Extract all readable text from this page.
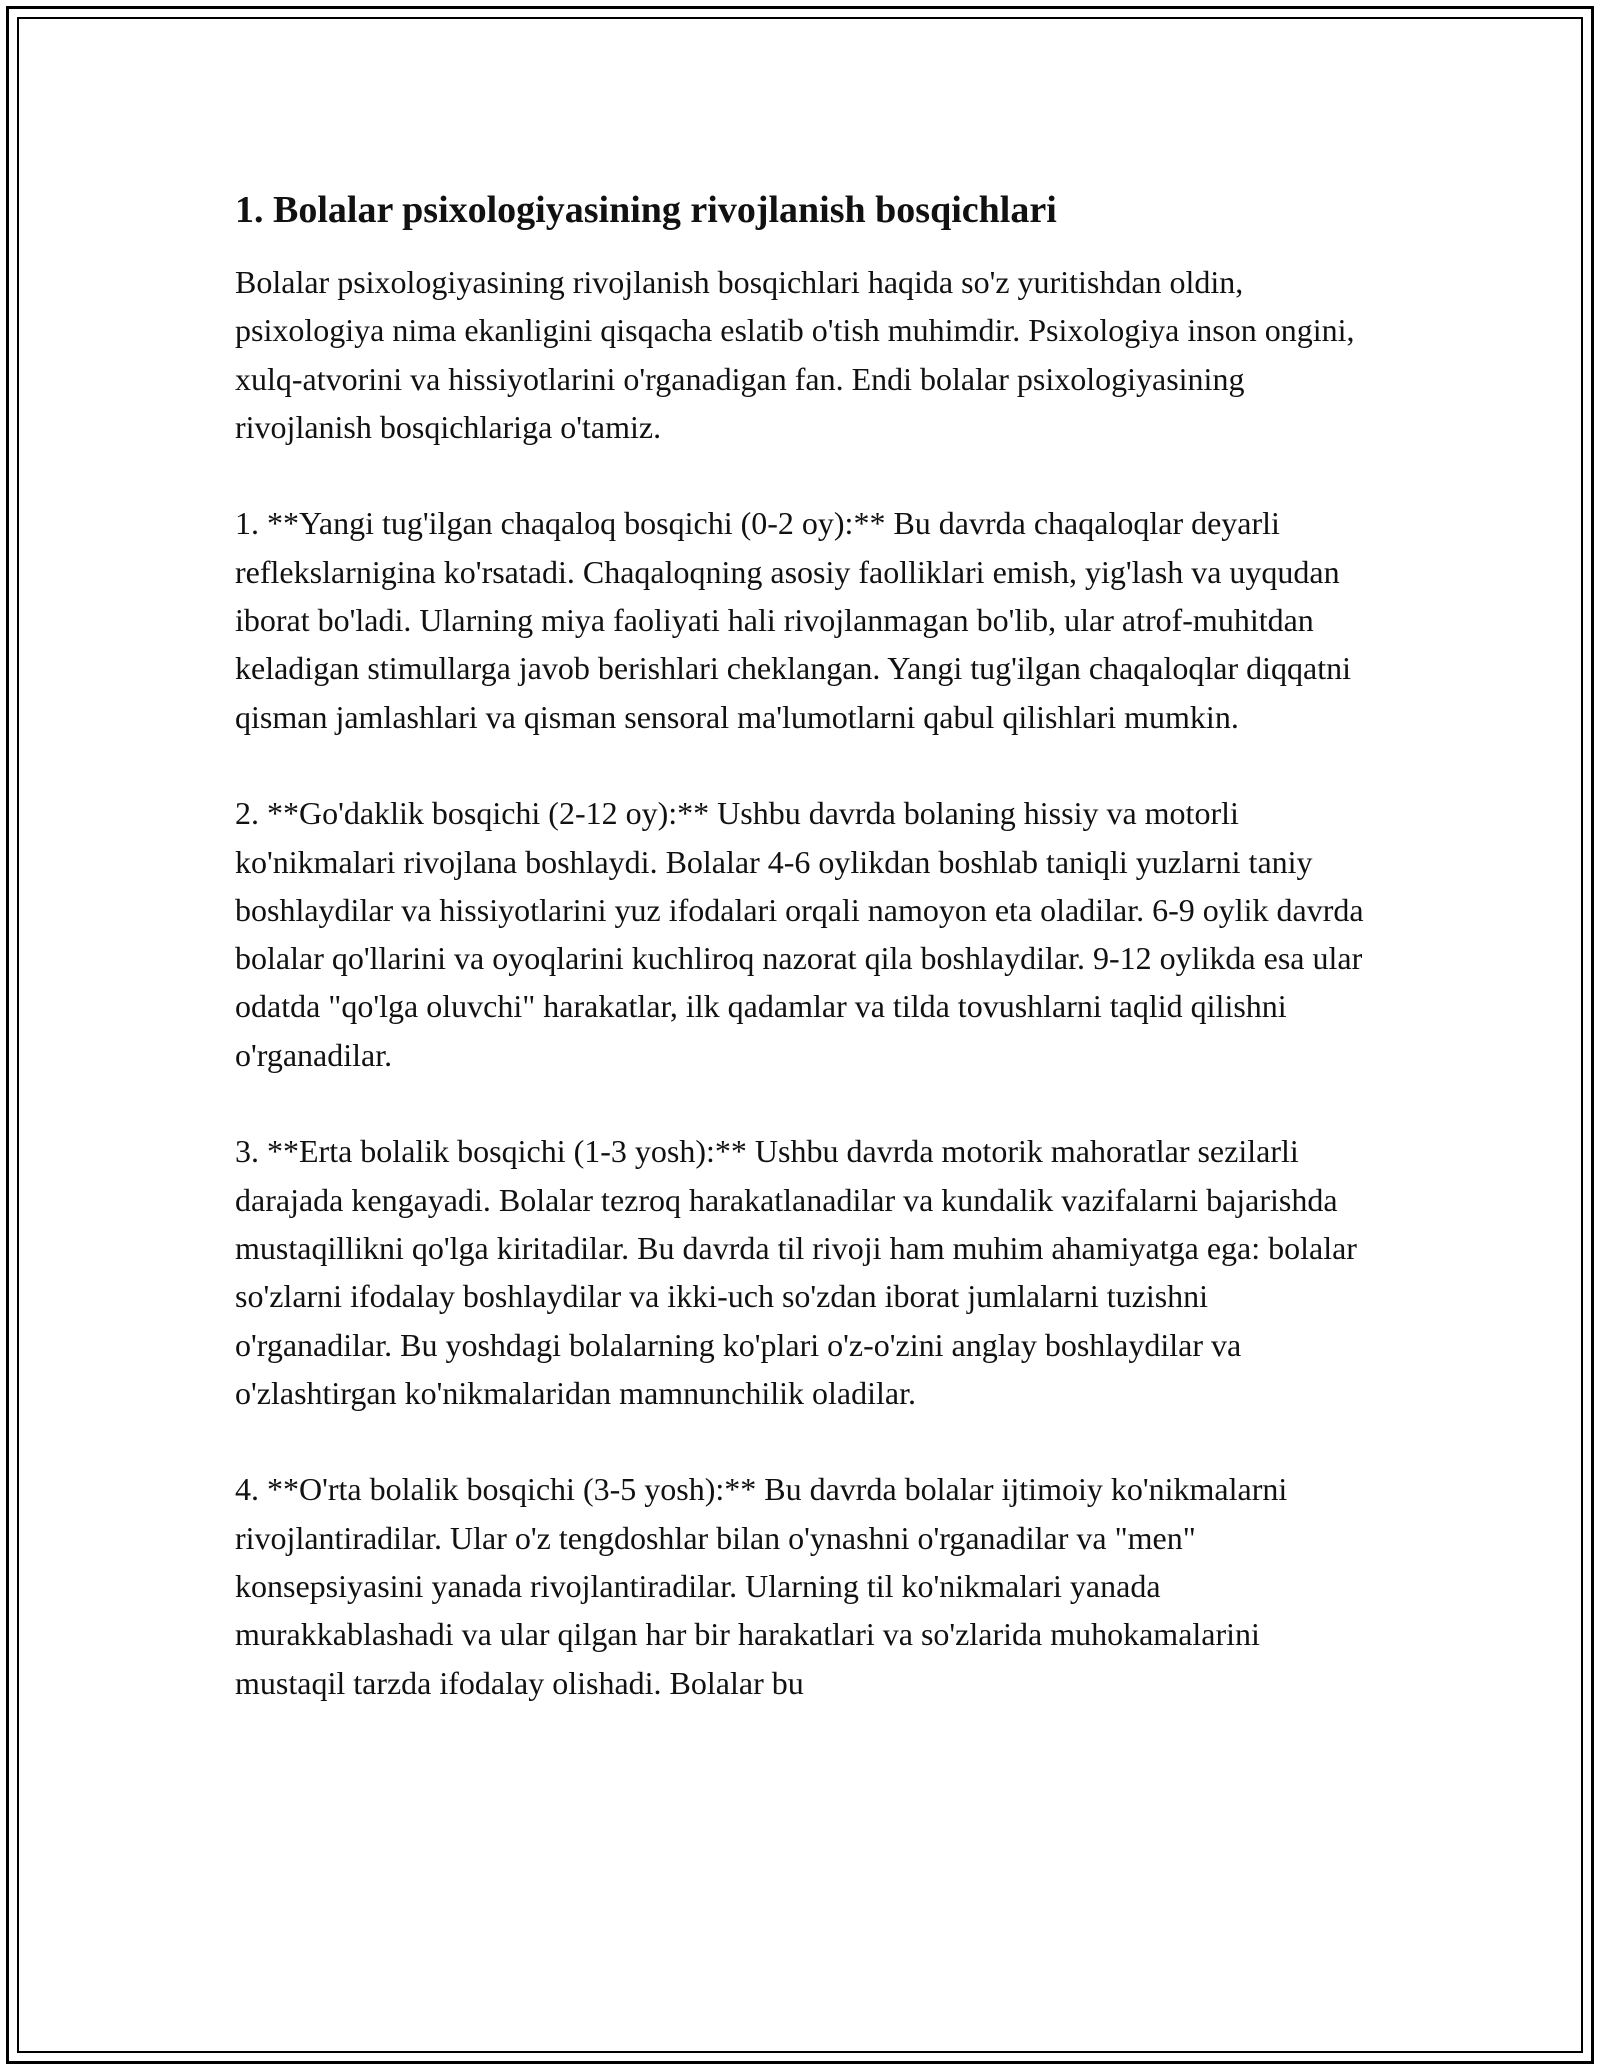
1. Bolalar psixologiyasining rivojlanish bosqichlari

Bolalar psixologiyasining rivojlanish bosqichlari haqida so'z yuritishdan oldin, psixologiya nima ekanligini qisqacha eslatib o'tish muhimdir. Psixologiya inson ongini, xulq-atvorini va hissiyotlarini o'rganadigan fan. Endi bolalar psixologiyasining rivojlanish bosqichlariga o'tamiz.

1. **Yangi tug'ilgan chaqaloq bosqichi (0-2 oy):** Bu davrda chaqaloqlar deyarli reflekslarnigina ko'rsatadi. Chaqaloqning asosiy faolliklari emish, yig'lash va uyqudan iborat bo'ladi. Ularning miya faoliyati hali rivojlanmagan bo'lib, ular atrof-muhitdan keladigan stimullarga javob berishlari cheklangan. Yangi tug'ilgan chaqaloqlar diqqatni qisman jamlashlari va qisman sensoral ma'lumotlarni qabul qilishlari mumkin.

2. **Go'daklik bosqichi (2-12 oy):** Ushbu davrda bolaning hissiy va motorli ko'nikmalari rivojlana boshlaydi. Bolalar 4-6 oylikdan boshlab taniqli yuzlarni taniy boshlaydilar va hissiyotlarini yuz ifodalari orqali namoyon eta oladilar. 6-9 oylik davrda bolalar qo'llarini va oyoqlarini kuchliroq nazorat qila boshlaydilar. 9-12 oylikda esa ular odatda "qo'lga oluvchi" harakatlar, ilk qadamlar va tilda tovushlarni taqlid qilishni o'rganadilar.

3. **Erta bolalik bosqichi (1-3 yosh):** Ushbu davrda motorik mahoratlar sezilarli darajada kengayadi. Bolalar tezroq harakatlanadilar va kundalik vazifalarni bajarishda mustaqillikni qo'lga kiritadilar. Bu davrda til rivoji ham muhim ahamiyatga ega: bolalar so'zlarni ifodalay boshlaydilar va ikki-uch so'zdan iborat jumlalarni tuzishni o'rganadilar. Bu yoshdagi bolalarning ko'plari o'z-o'zini anglay boshlaydilar va o'zlashtirgan ko'nikmalaridan mamnunchilik oladilar.

4. **O'rta bolalik bosqichi (3-5 yosh):** Bu davrda bolalar ijtimoiy ko'nikmalarni rivojlantiradilar. Ular o'z tengdoshlar bilan o'ynashni o'rganadilar va "men" konsepsiyasini yanada rivojlantiradilar. Ularning til ko'nikmalari yanada murakkablashadi va ular qilgan har bir harakatlari va so'zlarida muhokamalarini mustaqil tarzda ifodalay olishadi. Bolalar bu
